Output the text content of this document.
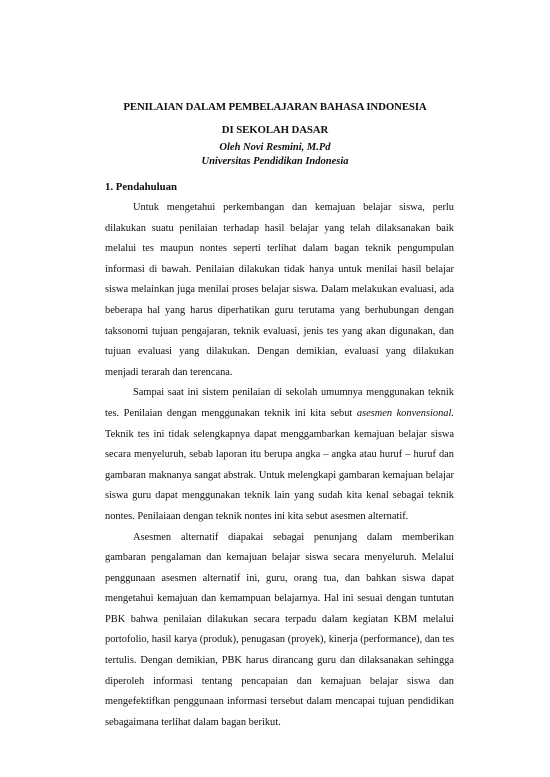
PENILAIAN DALAM PEMBELAJARAN BAHASA INDONESIA
DI SEKOLAH DASAR
Oleh Novi Resmini, M.Pd
Universitas Pendidikan Indonesia
1. Pendahuluan

Untuk mengetahui perkembangan dan kemajuan belajar siswa, perlu dilakukan suatu penilaian terhadap hasil belajar yang telah dilaksanakan baik melalui tes maupun nontes seperti terlihat dalam bagan teknik pengumpulan informasi di bawah. Penilaian dilakukan tidak hanya untuk menilai hasil belajar siswa melainkan juga menilai proses belajar siswa. Dalam melakukan evaluasi, ada beberapa hal yang harus diperhatikan guru terutama yang berhubungan dengan taksonomi tujuan pengajaran, teknik evaluasi, jenis tes yang akan digunakan, dan tujuan evaluasi yang dilakukan. Dengan demikian, evaluasi yang dilakukan menjadi terarah dan terencana.

Sampai saat ini sistem penilaian di sekolah umumnya menggunakan teknik tes. Penilaian dengan menggunakan teknik ini kita sebut asesmen konvensional. Teknik tes ini tidak selengkapnya dapat menggambarkan kemajuan belajar siswa secara menyeluruh, sebab laporan itu berupa angka – angka atau huruf – huruf dan gambaran maknanya sangat abstrak. Untuk melengkapi gambaran kemajuan belajar siswa guru dapat menggunakan teknik lain yang sudah kita kenal sebagai teknik nontes. Penilaiaan dengan teknik nontes ini kita sebut asesmen alternatif.

Asesmen alternatif diapakai sebagai penunjang dalam memberikan gambaran pengalaman dan kemajuan belajar siswa secara menyeluruh. Melalui penggunaan asesmen alternatif ini, guru, orang tua, dan bahkan siswa dapat mengetahui kemajuan dan kemampuan belajarnya. Hal ini sesuai dengan tuntutan PBK bahwa penilaian dilakukan secara terpadu dalam kegiatan KBM melalui portofolio, hasil karya (produk), penugasan (proyek), kinerja (performance), dan tes tertulis. Dengan demikian, PBK harus dirancang guru dan dilaksanakan sehingga diperoleh informasi tentang pencapaian dan kemajuan belajar siswa dan mengefektifkan penggunaan informasi tersebut dalam mencapai tujuan pendidikan sebagaimana terlihat dalam bagan berikut.
